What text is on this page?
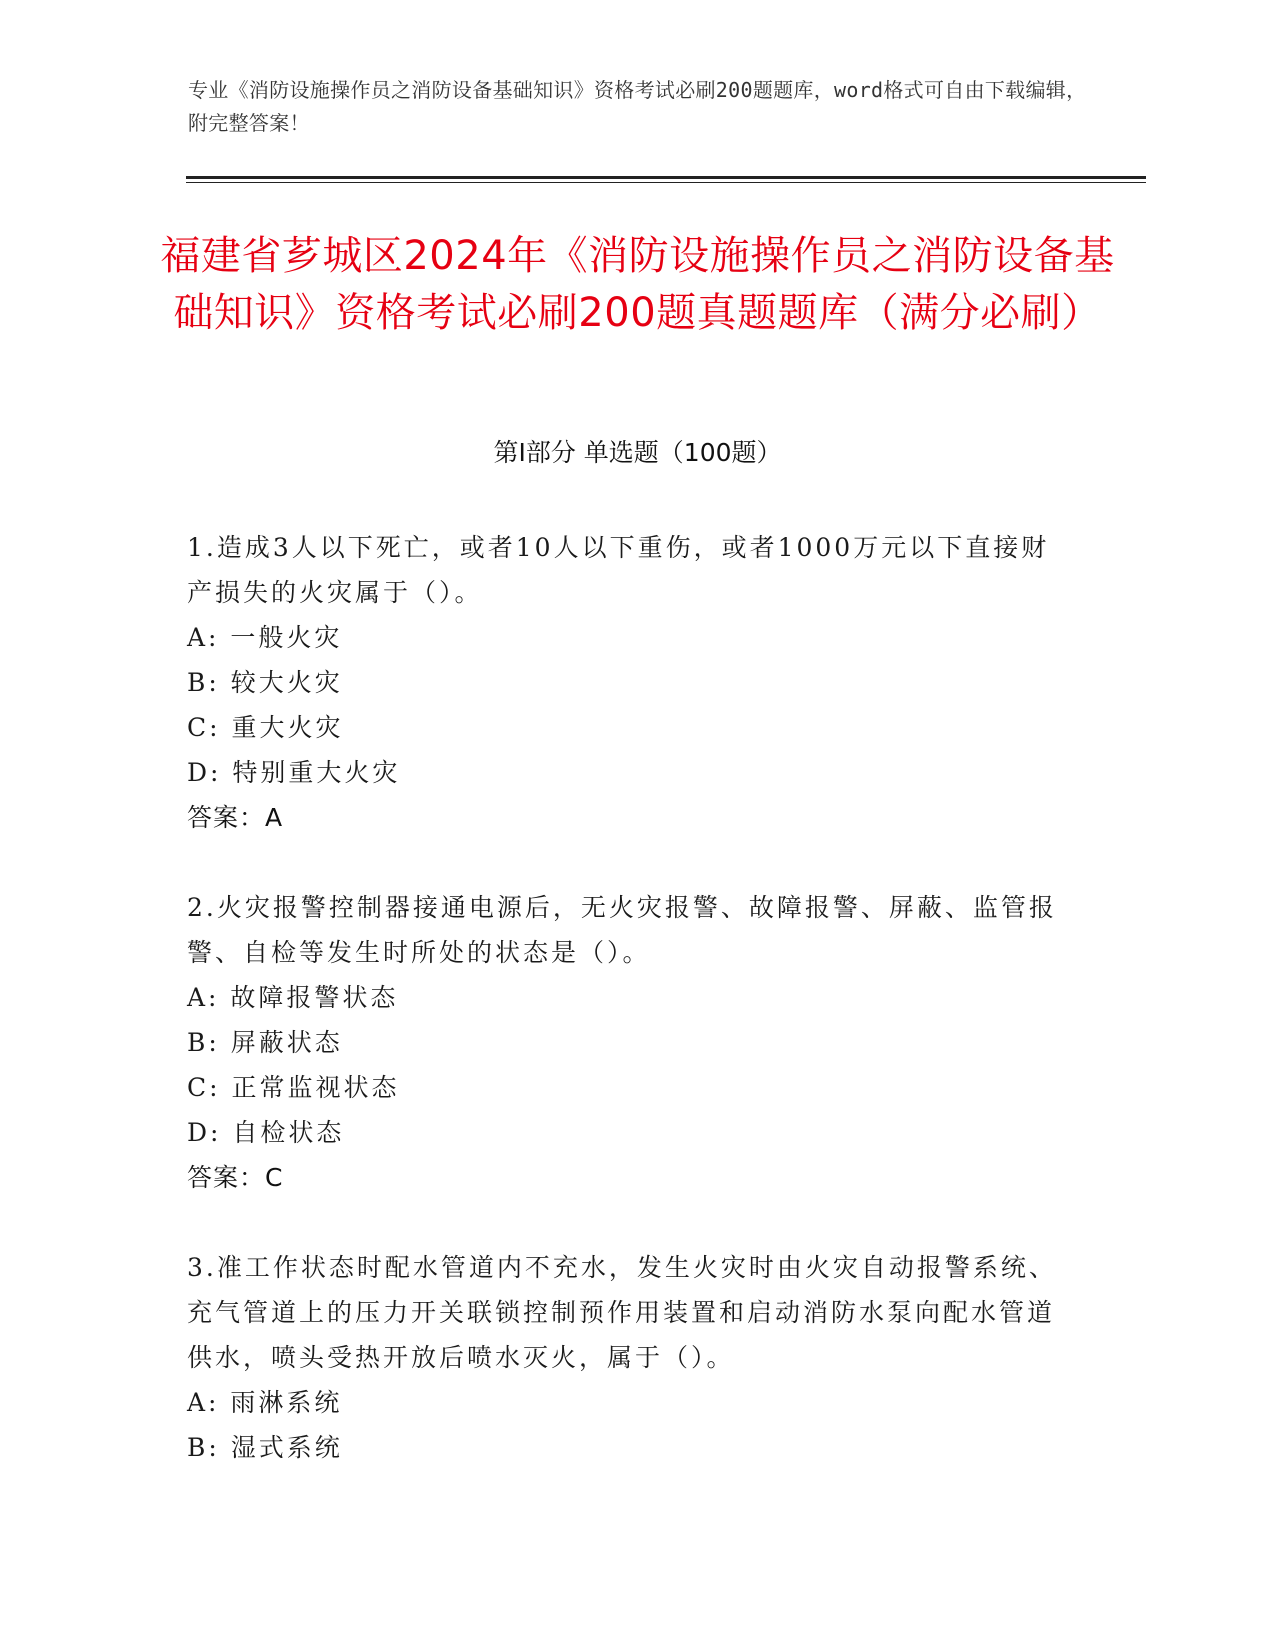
专业《消防设施操作员之消防设备基础知识》资格考试必刷200题题库，word格式可自由下载编辑，附完整答案！
福建省芗城区2024年《消防设施操作员之消防设备基础知识》资格考试必刷200题真题题库（满分必刷）
第I部分 单选题（100题）
1.造成3人以下死亡，或者10人以下重伤，或者1000万元以下直接财产损失的火灾属于（）。
A: 一般火灾
B: 较大火灾
C: 重大火灾
D: 特别重大火灾
答案：A
2.火灾报警控制器接通电源后，无火灾报警、故障报警、屏蔽、监管报警、自检等发生时所处的状态是（）。
A: 故障报警状态
B: 屏蔽状态
C: 正常监视状态
D: 自检状态
答案：C
3.准工作状态时配水管道内不充水，发生火灾时由火灾自动报警系统、充气管道上的压力开关联锁控制预作用装置和启动消防水泵向配水管道供水，喷头受热开放后喷水灭火，属于（）。
A: 雨淋系统
B: 湿式系统
